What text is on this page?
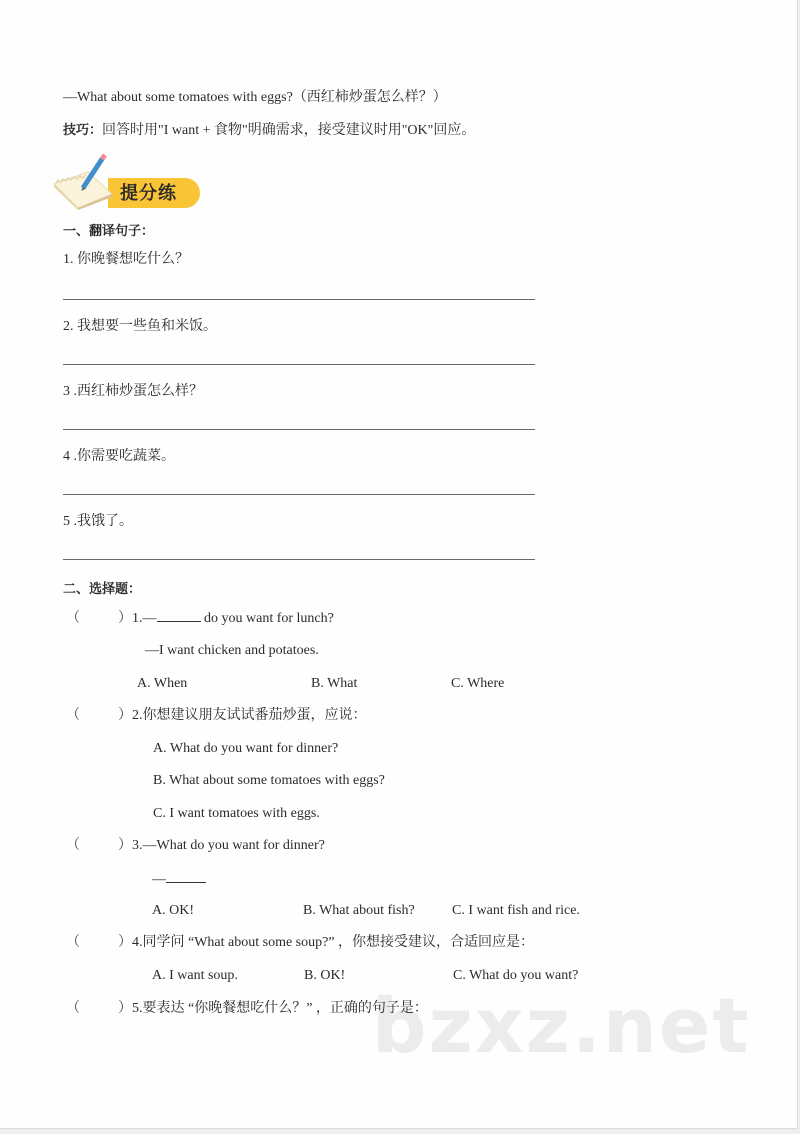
—What about some tomatoes with eggs?（西红柿炒蛋怎么样？）
技巧：回答时用"I want + 食物"明确需求，接受建议时用"OK"回应。
提分练
一、翻译句子：
1. 你晚餐想吃什么？
2. 我想要一些鱼和米饭。
3 .西红柿炒蛋怎么样？
4 .你需要吃蔬菜。
5 .我饿了。
二、选择题：
（	）1.—	do you want for lunch?
—I want chicken and potatoes.
A. When	B. What	C. Where
（	）2.你想建议朋友试试番茄炒蛋，应说：
A. What do you want for dinner?
B. What about some tomatoes with eggs?
C. I want tomatoes with eggs.
（	）3.—What do you want for dinner?
—
A. OK!	B. What about fish?	C. I want fish and rice.
（	）4.同学问 “What about some soup?” ，你想接受建议，合适回应是：
A. I want soup.	B. OK!	C. What do you want?
bzxz.net
（	）5.要表达 “你晚餐想吃什么？” ，正确的句子是：
